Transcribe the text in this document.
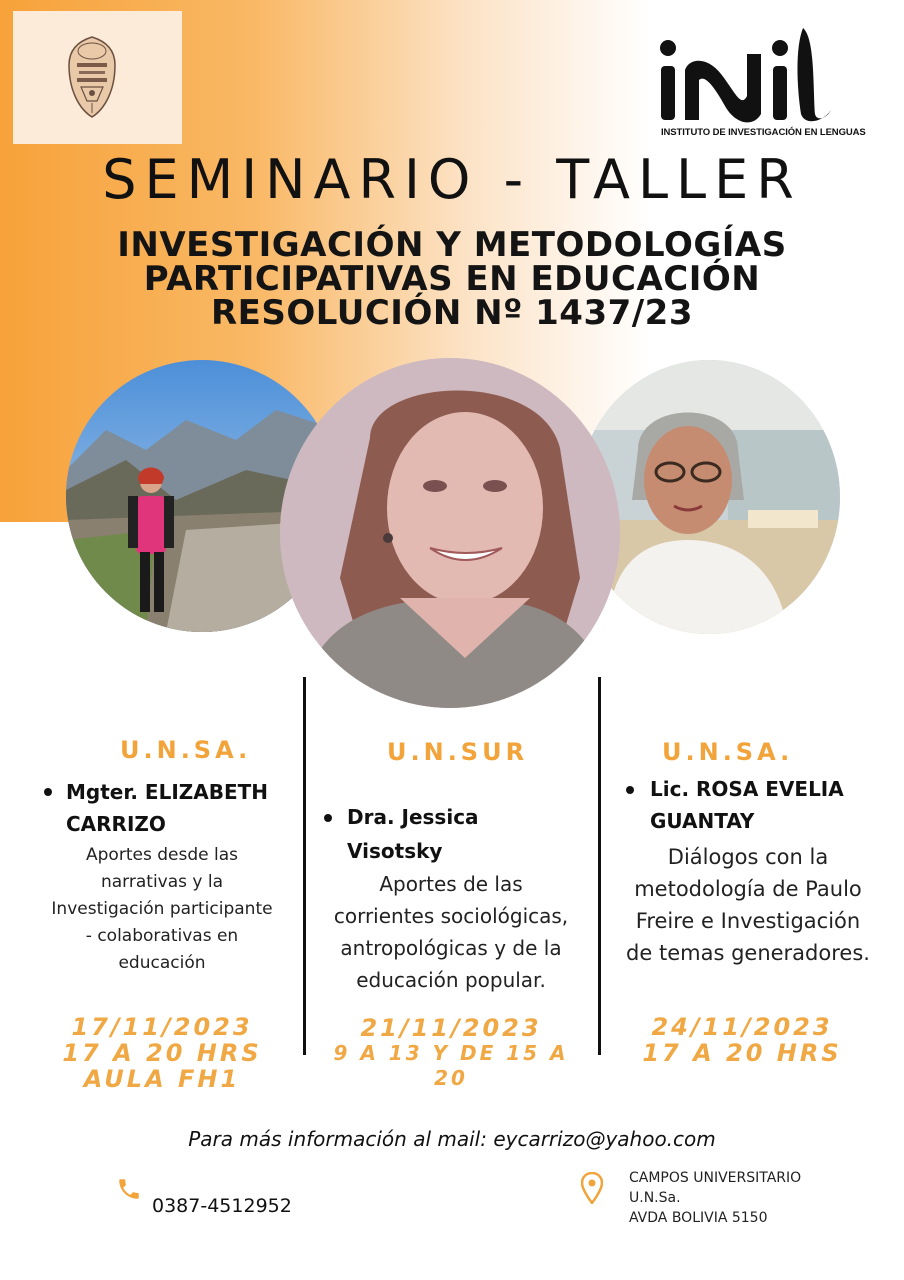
INSTITUTO DE INVESTIGACIÓN EN LENGUAS
SEMINARIO - TALLER
INVESTIGACIÓN Y METODOLOGÍAS
PARTICIPATIVAS EN EDUCACIÓN
RESOLUCIÓN Nº 1437/23
U.N.SA.
Mgter. ELIZABETH
CARRIZO
Aportes desde las
narrativas y la
Investigación participante
- colaborativas en
educación
17/11/2023
17 A 20 HRS
AULA FH1
U.N.SUR
Dra. Jessica
Visotsky
Aportes de las
corrientes sociológicas,
antropológicas y de la
educación popular.
21/11/2023
9 A 13 Y DE 15 A
20
U.N.SA.
Lic. ROSA EVELIA
GUANTAY
Diálogos con la
metodología de Paulo
Freire e Investigación
de temas generadores.
24/11/2023
17 A 20 HRS
Para más información al mail: eycarrizo@yahoo.com
0387-4512952
CAMPOS UNIVERSITARIO
U.N.Sa.
AVDA BOLIVIA 5150
